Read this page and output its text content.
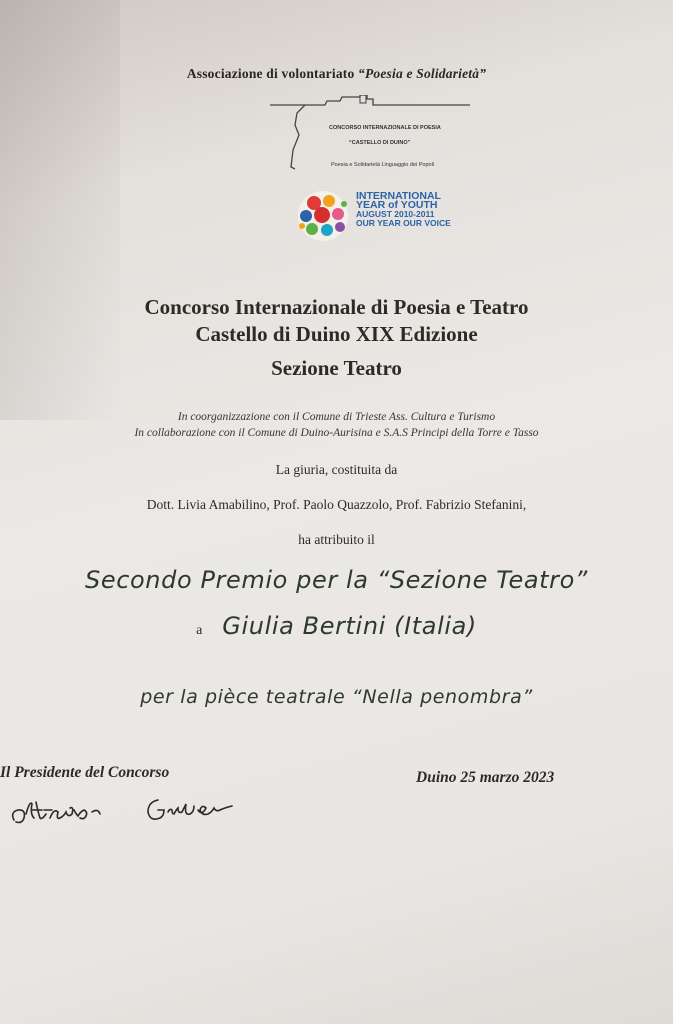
Associazione di volontariato “Poesia e Solidarietà”
CONCORSO INTERNAZIONALE DI POESIA
“CASTELLO DI DUINO”
Poesia e Solidarietà Linguaggio dei Popoli
INTERNATIONAL
YEAR of YOUTH
AUGUST 2010-2011
OUR YEAR OUR VOICE
Concorso Internazionale di Poesia e Teatro
Castello di Duino XIX Edizione
Sezione Teatro
In coorganizzazione con il Comune di Trieste Ass. Cultura e Turismo
In collaborazione con il Comune di Duino-Aurisina e S.A.S Principi della Torre e Tasso
La giuria, costituita da
Dott. Livia Amabilino, Prof. Paolo Quazzolo, Prof. Fabrizio Stefanini,
ha attribuito il
Secondo Premio per la “Sezione Teatro”
a Giulia Bertini (Italia)
per la pièce teatrale “Nella penombra”
Il Presidente del Concorso	Duino 25 marzo 2023
